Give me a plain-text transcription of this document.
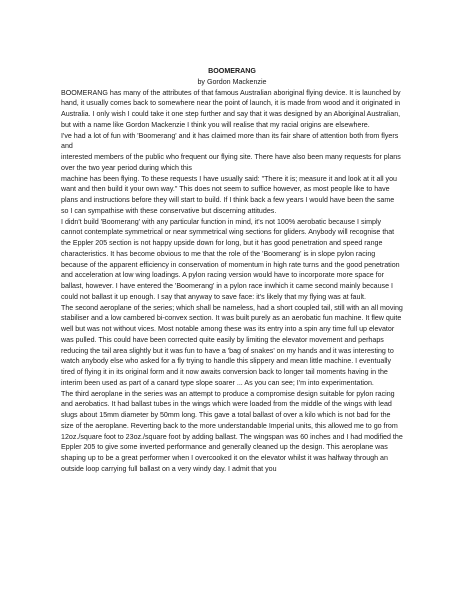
BOOMERANG
by Gordon Mackenzie

BOOMERANG has many of the attributes of that famous Australian aboriginal flying device. It is launched by hand, it usually comes back to somewhere near the point of launch, it is made from wood and it originated in Australia. I only wish I could take it one step further and say that it was designed by an Aboriginal Australian, but with a name like Gordon Mackenzie I think you will realise that my racial origins are elsewhere.

I've had a lot of fun with 'Boomerang' and it has claimed more than its fair share of attention both from flyers and

interested members of the public who frequent our flying site. There have also been many requests for plans over the two year period during which this

machine has been flying. To these requests I have usually said: "There it is; measure it and look at it all you want and then build it your own way." This does not seem to suffice however, as most people like to have plans and instructions before they will start to build. If I think back a few years I would have been the same so I can sympathise with these conservative but discerning attitudes.

I didn't build 'Boomerang' with any particular function in mind, it's not 100% aerobatic because I simply cannot contemplate symmetrical or near symmetrical wing sections for gliders. Anybody will recognise that the Eppler 205 section is not happy upside down for long, but it has good penetration and speed range characteristics. It has become obvious to me that the role of the 'Boomerang' is in slope pylon racing because of the apparent efficiency in conservation of momentum in high rate turns and the good penetration and acceleration at low wing loadings. A pylon racing version would have to incorporate more space for ballast, however. I have entered the 'Boomerang' in a pylon race inwhich it came second mainly because I could not ballast it up enough. I say that anyway to save face: it's likely that my flying was at fault.

The second aeroplane of the series; which shall be nameless, had a short coupled tail, still with an all moving stabiliser and a low cambered bi-convex section. It was built purely as an aerobatic fun machine. It flew quite well but was not without vices. Most notable among these was its entry into a spin any time full up elevator was pulled. This could have been corrected quite easily by limiting the elevator movement and perhaps reducing the tail area slightly but it was fun to have a 'bag of snakes' on my hands and it was interesting to watch anybody else who asked for a fly trying to handle this slippery and mean little machine. I eventually tired of flying it in its original form and it now awaits conversion back to longer tail moments having in the interim been used as part of a canard type slope soarer ... As you can see; I'm into experimentation.

The third aeroplane in the series was an attempt to produce a compromise design suitable for pylon racing and aerobatics. It had ballast tubes in the wings which were loaded from the middle of the wings with lead slugs about 15mm diameter by 50mm long. This gave a total ballast of over a kilo which is not bad for the size of the aeroplane. Reverting back to the more understandable Imperial units, this allowed me to go from 12oz./square foot to 23oz./square foot by adding ballast. The wingspan was 60 inches and I had modified the Eppler 205 to give some inverted performance and generally cleaned up the design. This aeroplane was shaping up to be a great performer when I overcooked it on the elevator whilst it was halfway through an outside loop carrying full ballast on a very windy day. I admit that you
